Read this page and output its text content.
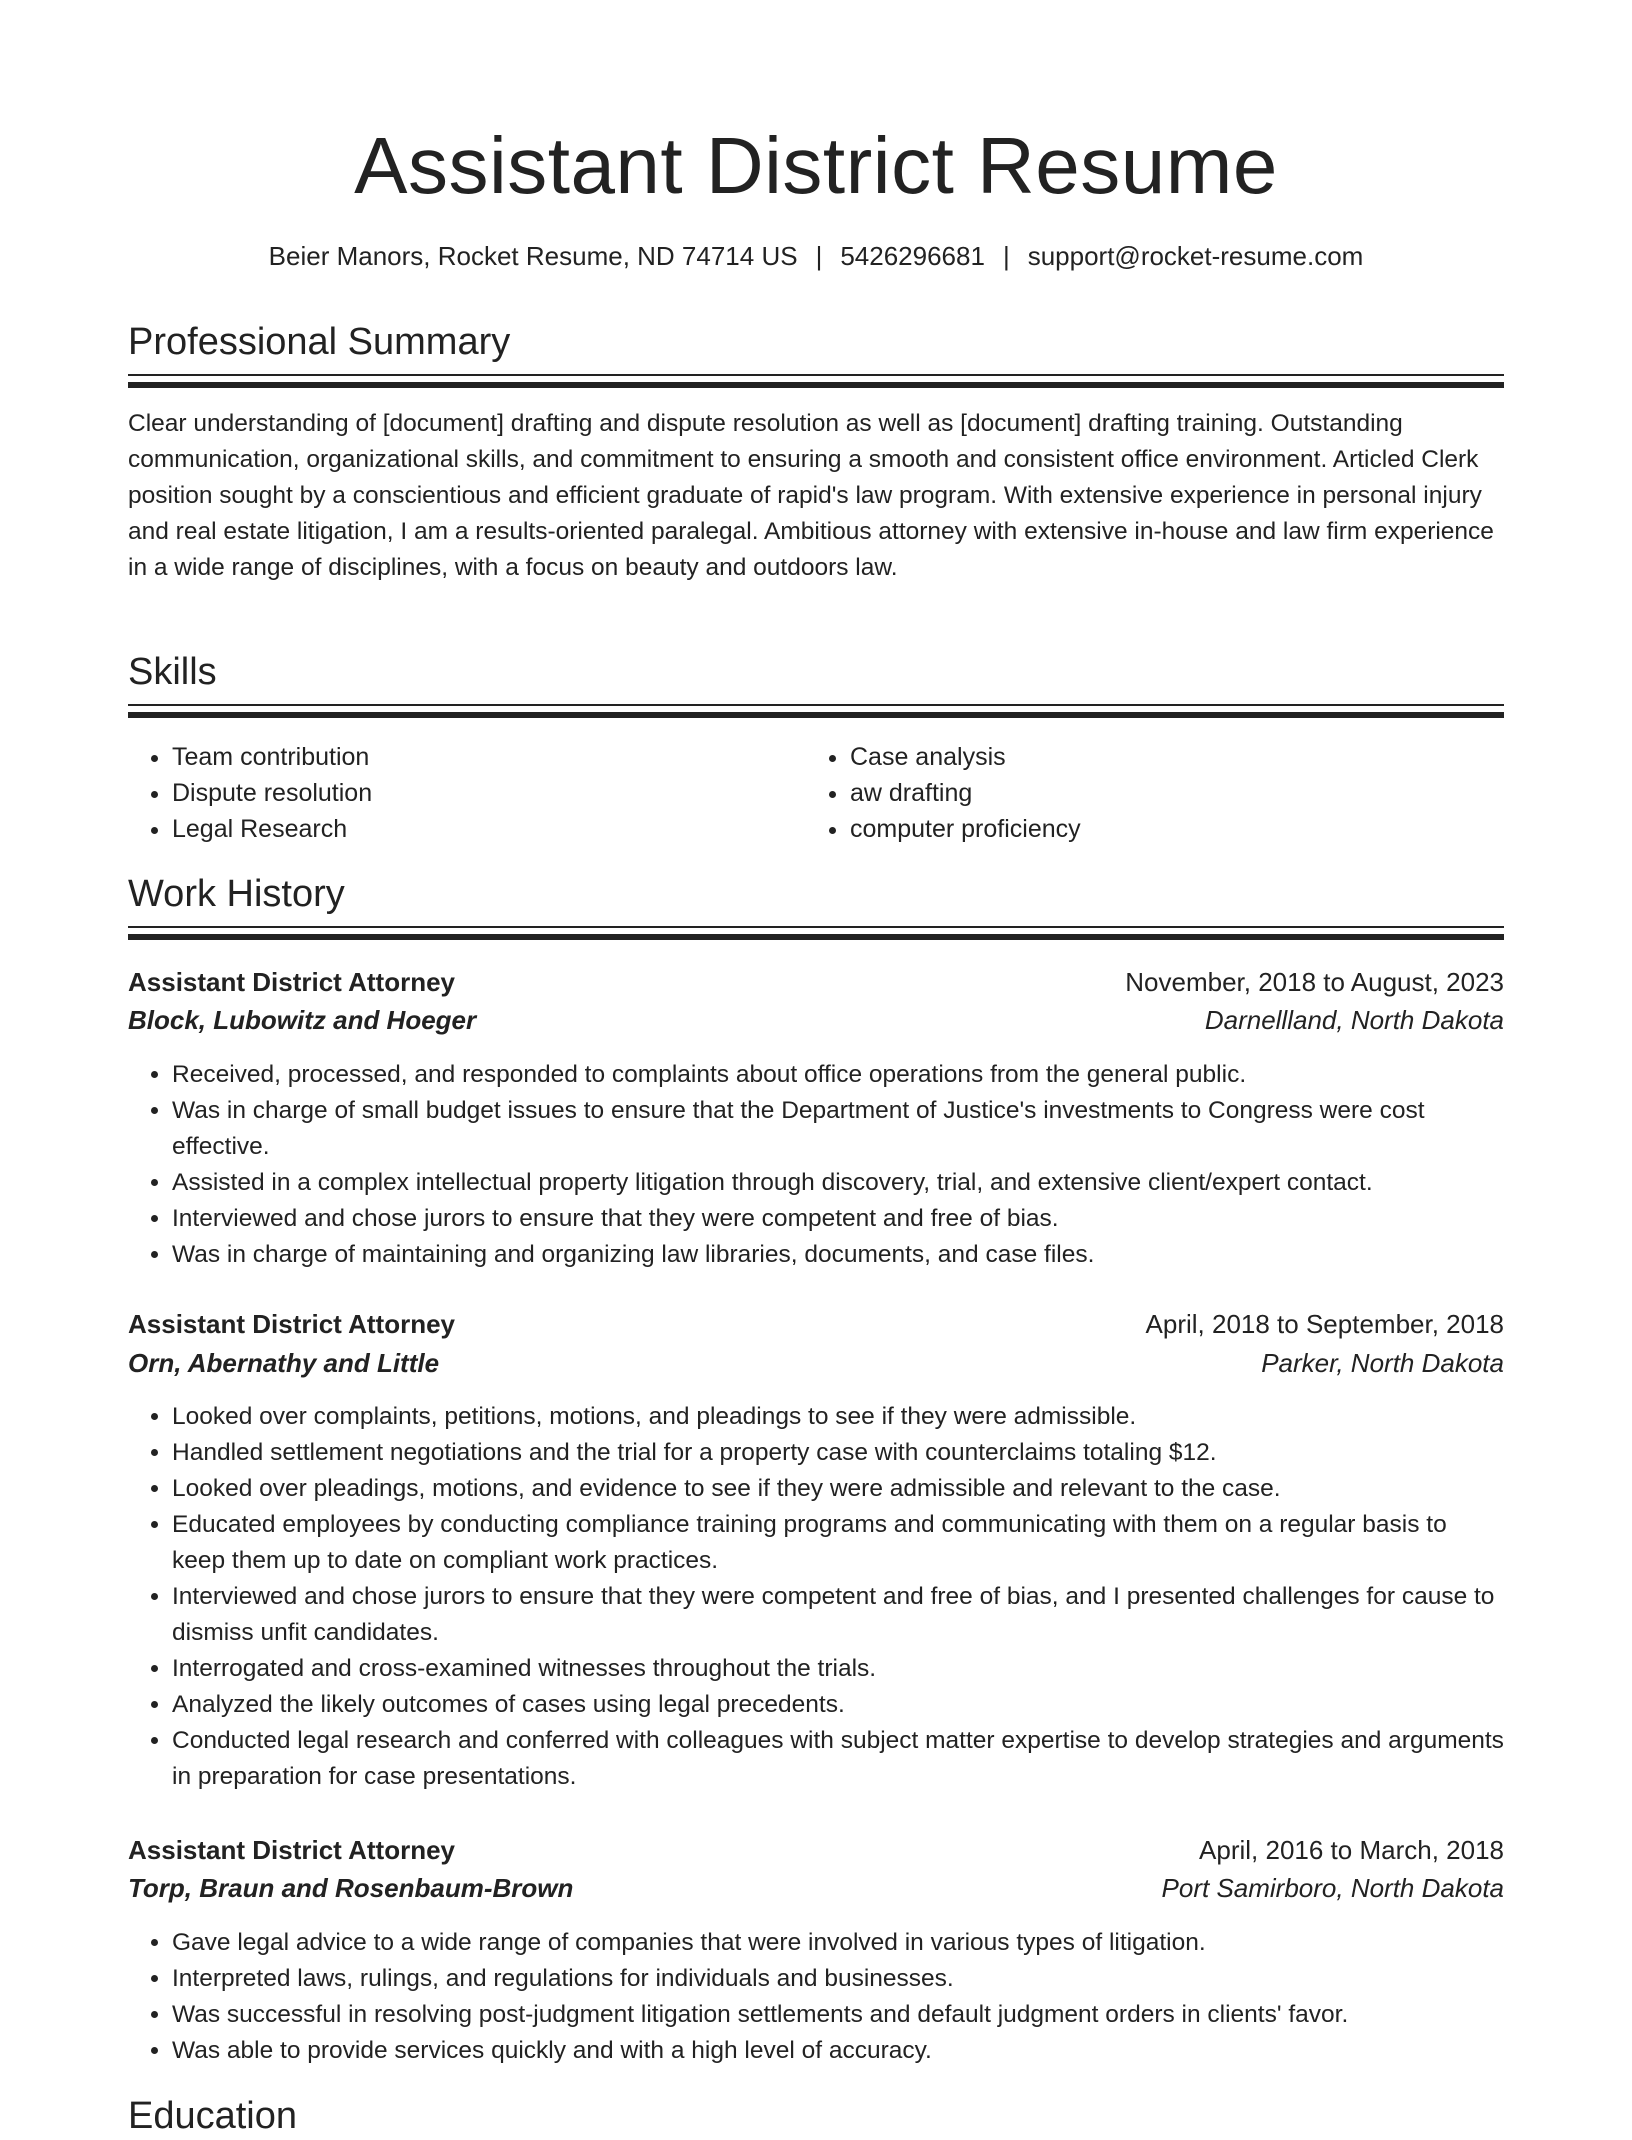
Assistant District Resume
Beier Manors, Rocket Resume, ND 74714 US | 5426296681 | support@rocket-resume.com
Professional Summary

Clear understanding of [document] drafting and dispute resolution as well as [document] drafting training. Outstanding communication, organizational skills, and commitment to ensuring a smooth and consistent office environment. Articled Clerk position sought by a conscientious and efficient graduate of rapid's law program. With extensive experience in personal injury and real estate litigation, I am a results-oriented paralegal. Ambitious attorney with extensive in-house and law firm experience in a wide range of disciplines, with a focus on beauty and outdoors law.

Skills
• Team contribution
• Dispute resolution
• Legal Research
• Case analysis
• aw drafting
• computer proficiency
Work History
Assistant District Attorney	November, 2018 to August, 2023
Block, Lubowitz and Hoeger	Darnellland, North Dakota
• Received, processed, and responded to complaints about office operations from the general public.
• Was in charge of small budget issues to ensure that the Department of Justice's investments to Congress were cost effective.
• Assisted in a complex intellectual property litigation through discovery, trial, and extensive client/expert contact.
• Interviewed and chose jurors to ensure that they were competent and free of bias.
• Was in charge of maintaining and organizing law libraries, documents, and case files.
Assistant District Attorney	April, 2018 to September, 2018
Orn, Abernathy and Little	Parker, North Dakota
• Looked over complaints, petitions, motions, and pleadings to see if they were admissible.
• Handled settlement negotiations and the trial for a property case with counterclaims totaling $12.
• Looked over pleadings, motions, and evidence to see if they were admissible and relevant to the case.
• Educated employees by conducting compliance training programs and communicating with them on a regular basis to keep them up to date on compliant work practices.
• Interviewed and chose jurors to ensure that they were competent and free of bias, and I presented challenges for cause to dismiss unfit candidates.
• Interrogated and cross-examined witnesses throughout the trials.
• Analyzed the likely outcomes of cases using legal precedents.
• Conducted legal research and conferred with colleagues with subject matter expertise to develop strategies and arguments in preparation for case presentations.
Assistant District Attorney	April, 2016 to March, 2018
Torp, Braun and Rosenbaum-Brown	Port Samirboro, North Dakota
• Gave legal advice to a wide range of companies that were involved in various types of litigation.
• Interpreted laws, rulings, and regulations for individuals and businesses.
• Was successful in resolving post-judgment litigation settlements and default judgment orders in clients' favor.
• Was able to provide services quickly and with a high level of accuracy.
Education
